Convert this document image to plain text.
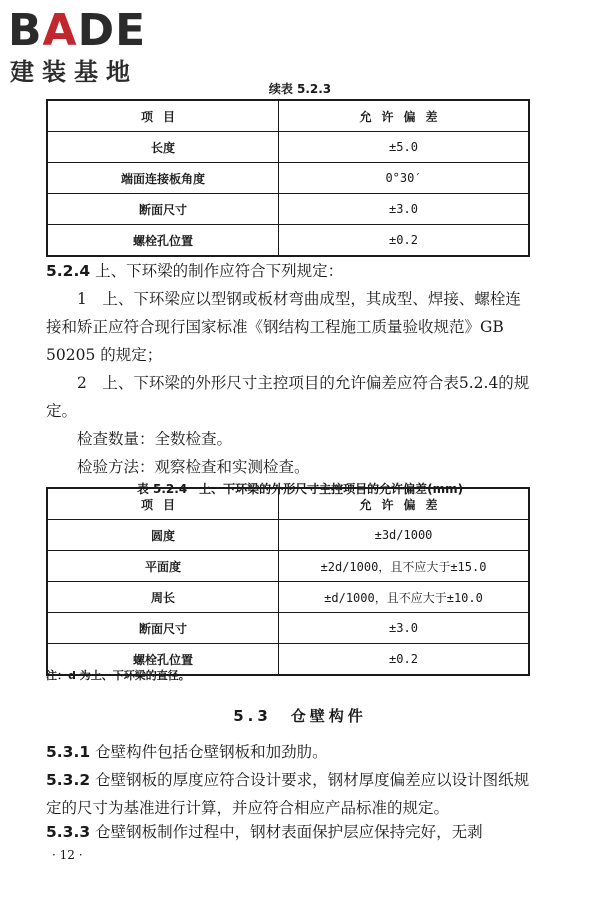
BADE
建装基地
续表 5.2.3
项目	允许偏差
长度	±5.0
端面连接板角度	0°30′
断面尺寸	±3.0
螺栓孔位置	±0.2

5.2.4 上、下环梁的制作应符合下列规定：

1　上、下环梁应以型钢或板材弯曲成型，其成型、焊接、螺栓连接和矫正应符合现行国家标准《钢结构工程施工质量验收规范》GB 50205 的规定；

2　上、下环梁的外形尺寸主控项目的允许偏差应符合表5.2.4的规定。

检查数量：全数检查。

检验方法：观察检查和实测检查。

表 5.2.4　上、下环梁的外形尺寸主控项目的允许偏差(mm)
项目	允许偏差
圆度	±3d/1000
平面度	±2d/1000，且不应大于±15.0
周长	±d/1000，且不应大于±10.0
断面尺寸	±3.0
螺栓孔位置	±0.2
注：d 为上、下环梁的直径。
5.3　仓壁构件

5.3.1 仓壁构件包括仓壁钢板和加劲肋。

5.3.2 仓壁钢板的厚度应符合设计要求，钢材厚度偏差应以设计图纸规定的尺寸为基准进行计算，并应符合相应产品标准的规定。

5.3.3 仓壁钢板制作过程中，钢材表面保护层应保持完好，无剥

· 12 ·
